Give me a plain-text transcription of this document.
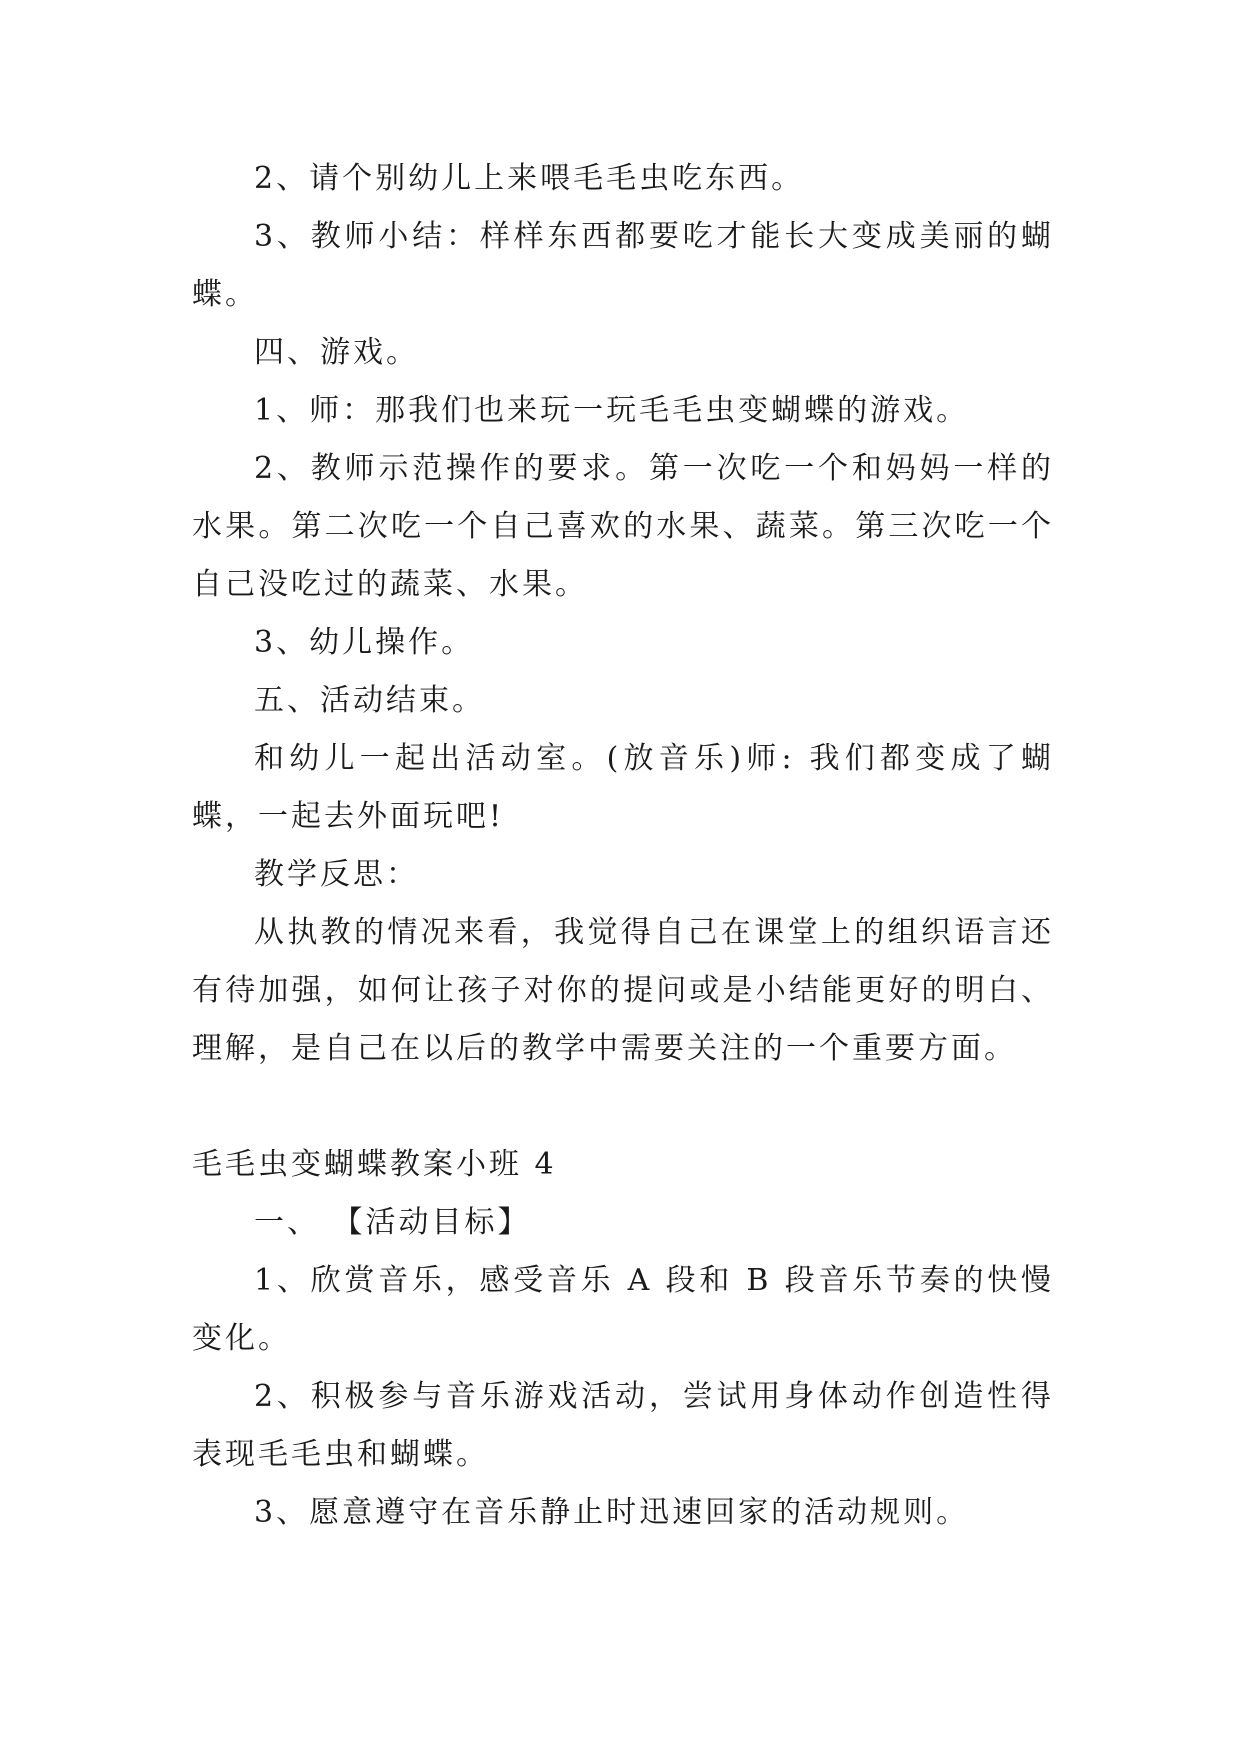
2、请个别幼儿上来喂毛毛虫吃东西。

3、教师小结：样样东西都要吃才能长大变成美丽的蝴蝶。

四、游戏。

1、师：那我们也来玩一玩毛毛虫变蝴蝶的游戏。

2、教师示范操作的要求。第一次吃一个和妈妈一样的水果。第二次吃一个自己喜欢的水果、蔬菜。第三次吃一个自己没吃过的蔬菜、水果。

3、幼儿操作。

五、活动结束。

和幼儿一起出活动室。(放音乐)师: 我们都变成了蝴蝶，一起去外面玩吧!

教学反思：

从执教的情况来看，我觉得自己在课堂上的组织语言还有待加强，如何让孩子对你的提问或是小结能更好的明白、理解，是自己在以后的教学中需要关注的一个重要方面。

毛毛虫变蝴蝶教案小班 4

一、 【活动目标】

1、欣赏音乐，感受音乐 A 段和 B 段音乐节奏的快慢变化。

2、积极参与音乐游戏活动，尝试用身体动作创造性得表现毛毛虫和蝴蝶。

3、愿意遵守在音乐静止时迅速回家的活动规则。
